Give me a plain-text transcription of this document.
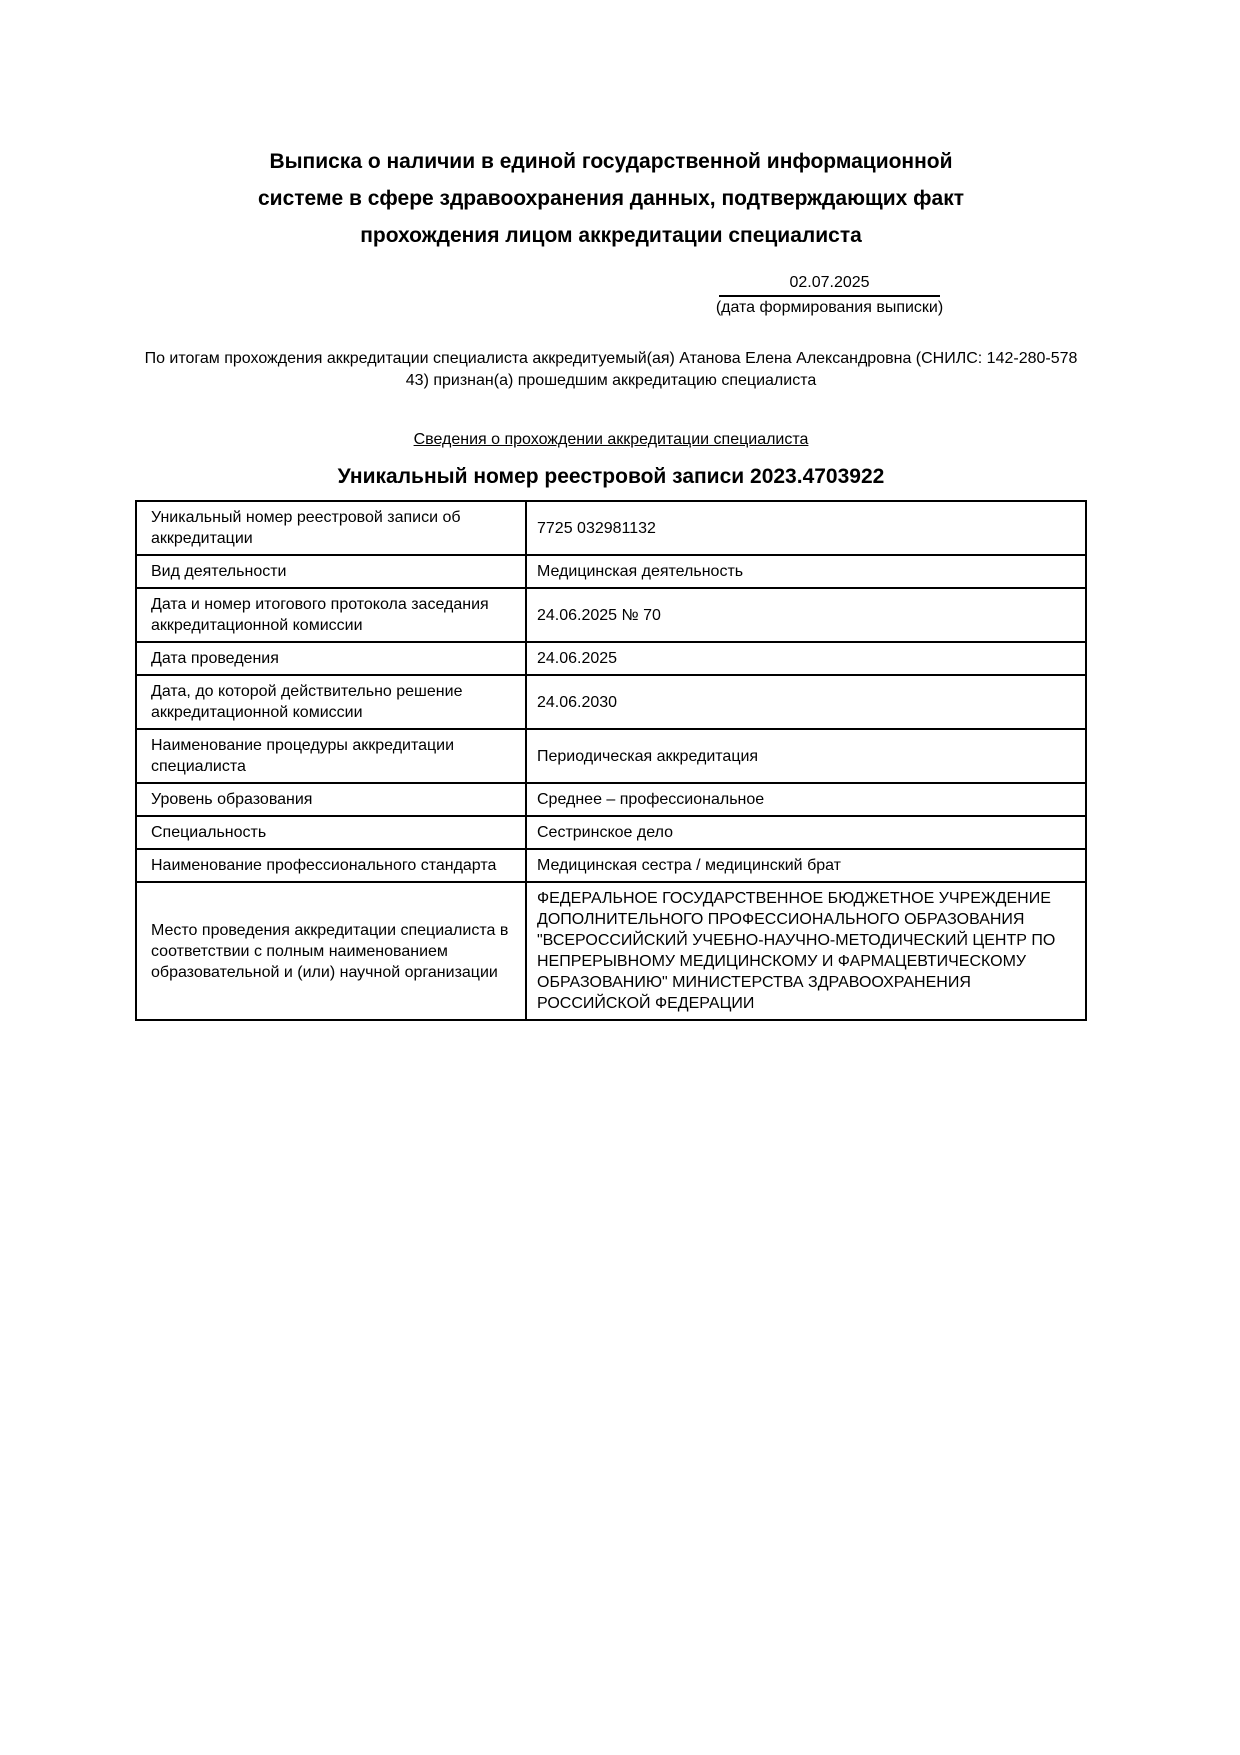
Выписка о наличии в единой государственной информационной
системе в сфере здравоохранения данных, подтверждающих факт
прохождения лицом аккредитации специалиста
02.07.2025
(дата формирования выписки)

По итогам прохождения аккредитации специалиста аккредитуемый(ая) Атанова Елена Александровна (СНИЛС: 142-280-578
43) признан(а) прошедшим аккредитацию специалиста

Сведения о прохождении аккредитации специалиста
Уникальный номер реестровой записи 2023.4703922
Уникальный номер реестровой записи об аккредитации	7725 032981132
Вид деятельности	Медицинская деятельность
Дата и номер итогового протокола заседания аккредитационной комиссии	24.06.2025 № 70
Дата проведения	24.06.2025
Дата, до которой действительно решение аккредитационной комиссии	24.06.2030
Наименование процедуры аккредитации специалиста	Периодическая аккредитация
Уровень образования	Среднее – профессиональное
Специальность	Сестринское дело
Наименование профессионального стандарта	Медицинская сестра / медицинский брат
Место проведения аккредитации специалиста в соответствии с полным наименованием образовательной и (или) научной организации	ФЕДЕРАЛЬНОЕ ГОСУДАРСТВЕННОЕ БЮДЖЕТНОЕ УЧРЕЖДЕНИЕ ДОПОЛНИТЕЛЬНОГО ПРОФЕССИОНАЛЬНОГО ОБРАЗОВАНИЯ "ВСЕРОССИЙСКИЙ УЧЕБНО-НАУЧНО-МЕТОДИЧЕСКИЙ ЦЕНТР ПО НЕПРЕРЫВНОМУ МЕДИЦИНСКОМУ И ФАРМАЦЕВТИЧЕСКОМУ ОБРАЗОВАНИЮ" МИНИСТЕРСТВА ЗДРАВООХРАНЕНИЯ РОССИЙСКОЙ ФЕДЕРАЦИИ
